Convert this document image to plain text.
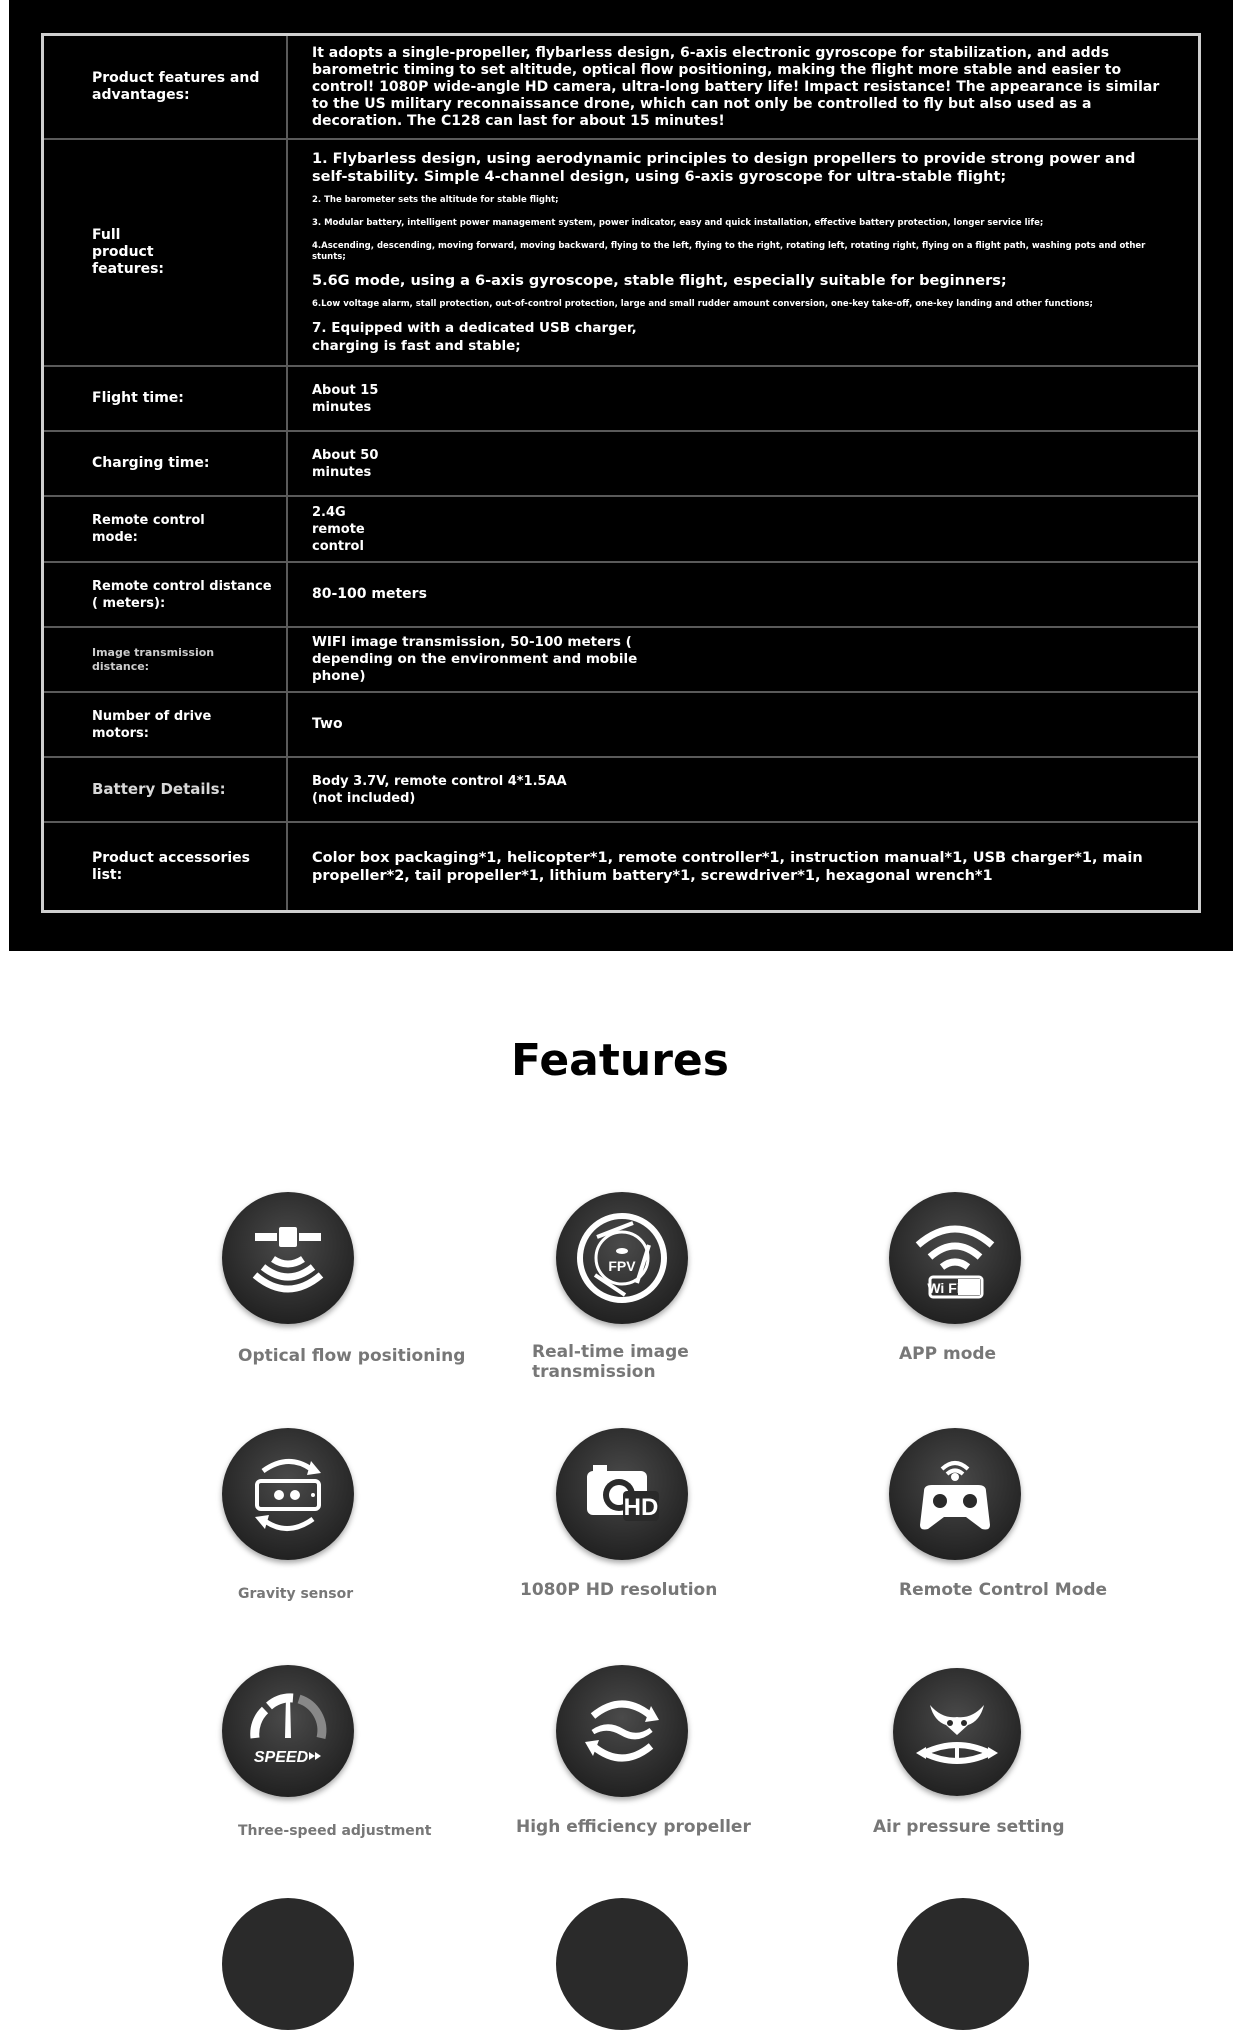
Product features and advantages:
It adopts a single-propeller, flybarless design, 6-axis electronic gyroscope for stabilization, and adds barometric timing to set altitude, optical flow positioning, making the flight more stable and easier to control! 1080P wide-angle HD camera, ultra-long battery life! Impact resistance! The appearance is similar to the US military reconnaissance drone, which can not only be controlled to fly but also used as a decoration. The C128 can last for about 15 minutes!
Full product features:
1. Flybarless design, using aerodynamic principles to design propellers to provide strong power and self-stability. Simple 4-channel design, using 6-axis gyroscope for ultra-stable flight;
2. The barometer sets the altitude for stable flight;
3. Modular battery, intelligent power management system, power indicator, easy and quick installation, effective battery protection, longer service life;
4.Ascending, descending, moving forward, moving backward, flying to the left, flying to the right, rotating left, rotating right, flying on a flight path, washing pots and other stunts;
5.6G mode, using a 6-axis gyroscope, stable flight, especially suitable for beginners;
6.Low voltage alarm, stall protection, out-of-control protection, large and small rudder amount conversion, one-key take-off, one-key landing and other functions;
7. Equipped with a dedicated USB charger, charging is fast and stable;
Flight time:	About 15 minutes
Charging time:	About 50 minutes
Remote control mode:
2.4G remote control
Remote control distance ( meters):
80-100 meters
Image transmission distance:
WIFI image transmission, 50-100 meters ( depending on the environment and mobile phone)
Number of drive motors:
Two
Battery Details:	Body 3.7V, remote control 4*1.5AA (not included)
Product accessories list:
Color box packaging*1, helicopter*1, remote controller*1, instruction manual*1, USB charger*1, main propeller*2, tail propeller*1, lithium battery*1, screwdriver*1, hexagonal wrench*1
Features
Optical flow positioning
FPV
Real-time image transmission
Wi Fi
APP mode
Gravity sensor
HD
1080P HD resolution	Remote Control Mode
SPEED
Three-speed adjustment	High efficiency propeller	Air pressure setting
